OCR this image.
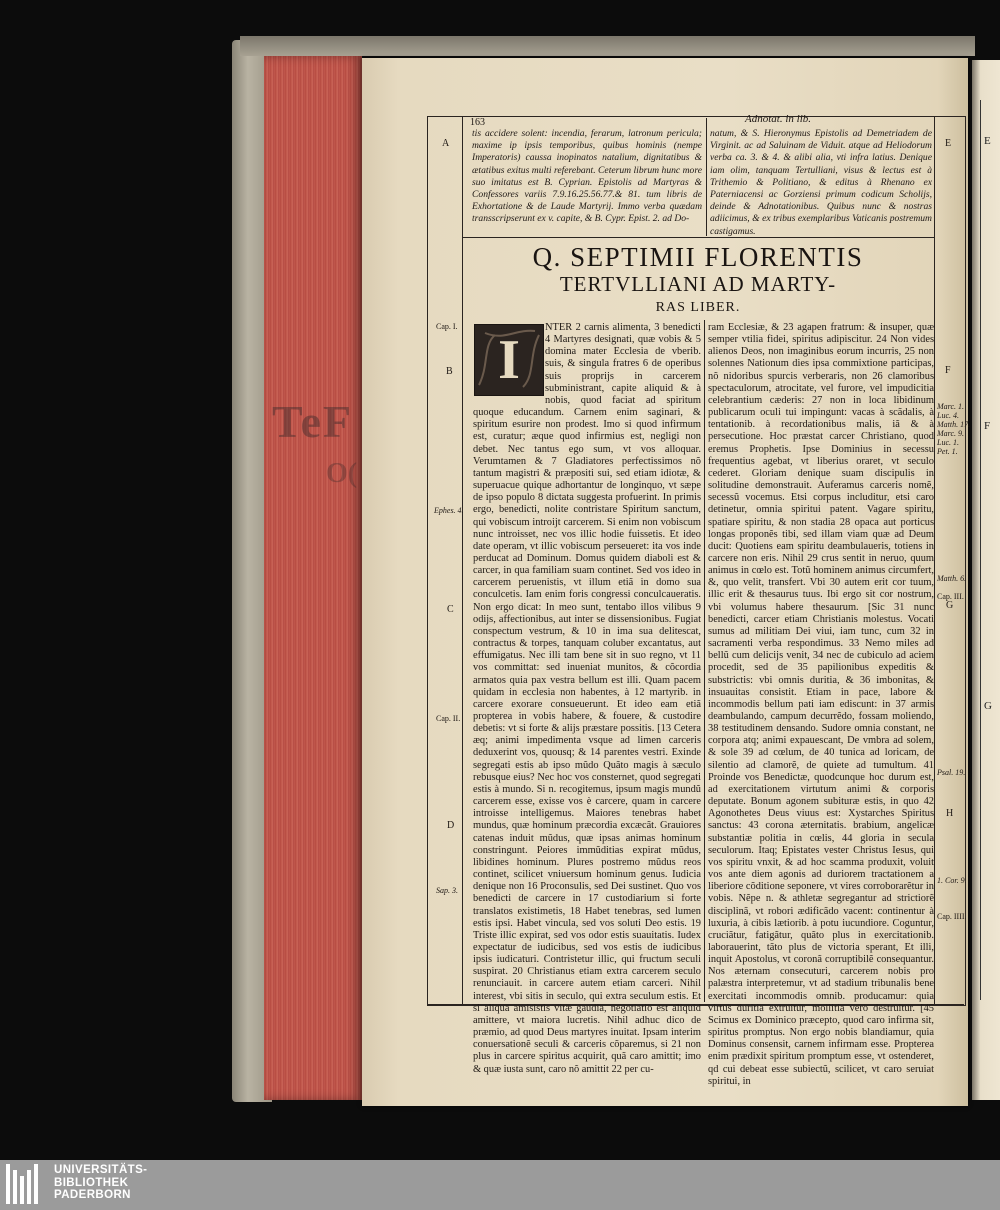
TeF
O(
E
F
G
163	Adnotat. in lib.
tis accidere solent: incendia, ferarum, latronum pericula; maxime ip ipsis temporibus, quibus hominis (nempe Imperatoris) caussa inopinatos natalium, dignitatibus & ætatibus exitus multi referebant. Ceterum librum hunc more suo imitatus est B. Cyprian. Epistolis ad Martyras & Confessores variis 7.9.16.25.56.77.& 81. tum libris de Exhortatione & de Laude Martyrij. Immo verba quædam transscripserunt ex v. capite, & B. Cypr. Epist. 2. ad Do-
natum, & S. Hieronymus Epistolis ad Demetriadem de Virginit. ac ad Saluinam de Viduit. atque ad Heliodorum verba ca. 3. & 4. & alibi alia, vti infra latius. Denique iam olim, tanquam Tertulliani, visus & lectus est à Trithemio & Politiano, & editus à Rhenano ex Paterniacensi ac Gorziensi primum codicum Scholijs, deinde & Adnotationibus. Quibus nunc & nostras adiicimus, & ex tribus exemplaribus Vaticanis postremum castigamus.
Q. SEPTIMII FLORENTIS
TERTVLLIANI AD MARTY-
RAS LIBER.

NTER 2 carnis alimenta, 3 benedicti 4 Martyres designati, quæ vobis & 5 domina mater Ecclesia de vberib. suis, & singula fratres 6 de operibus suis proprijs in carcerem subministrant, capite aliquid & à nobis, quod faciat ad spiritum quoque educandum. Carnem enim saginari, & spiritum esurire non prodest. Imo si quod infirmum est, curatur; æque quod infirmius est, negligi non debet. Nec tantus ego sum, vt vos alloquar. Verumtamen & 7 Gladiatores perfectissimos nõ tantum magistri & præpositi sui, sed etiam idiotæ, & superuacue quique adhortantur de longinquo, vt sæpe de ipso populo 8 dictata suggesta profuerint. In primis ergo, benedicti, nolite contristare Spiritum sanctum, qui vobiscum introijt carcerem. Si enim non vobiscum nunc introisset, nec vos illic hodie fuissetis. Et ideo date operam, vt illic vobiscum perseueret: ita vos inde perducat ad Dominum. Domus quidem diaboli est & carcer, in qua familiam suam continet. Sed vos ideo in carcerem peruenistis, vt illum etiã in domo sua conculcetis. Iam enim foris congressi conculcaueratis. Non ergo dicat: In meo sunt, tentabo illos vilibus 9 odijs, affectionibus, aut inter se dissensionibus. Fugiat conspectum vestrum, & 10 in ima sua delitescat, contractus & torpes, tanquam coluber excantatus, aut effumigatus. Nec illi tam bene sit in suo regno, vt 11 vos committat: sed inueniat munitos, & cõcordia armatos quia pax vestra bellum est illi. Quam pacem quidam in ecclesia non habentes, à 12 martyrib. in carcere exorare consueuerunt. Et ideo eam etiã propterea in vobis habere, & fouere, & custodire debetis: vt si forte & alijs præstare possitis. [13 Cetera æq; animi impedimenta vsque ad limen carceris deduxerint vos, quousq; & 14 parentes vestri. Exinde segregati estis ab ipso mũdo Quãto magis à sæculo rebusque eius? Nec hoc vos consternet, quod segregati estis à mundo. Si n. recogitemus, ipsum magis mundũ carcerem esse, exisse vos è carcere, quam in carcere introisse intelligemus. Maiores tenebras habet mundus, quæ hominum præcordia excæcãt. Grauiores catenas induit mũdus, quæ ipsas animas hominum constringunt. Peiores immũditias expirat mũdus, libidines hominum. Plures postremo mũdus reos continet, scilicet vniuersum hominum genus. Iudicia denique non 16 Proconsulis, sed Dei sustinet. Quo vos benedicti de carcere in 17 custodiarium si forte translatos existimetis, 18 Habet tenebras, sed lumen estis ipsi. Habet vincula, sed vos soluti Deo estis. 19 Triste illic expirat, sed vos odor estis suauitatis. Iudex expectatur de iudicibus, sed vos estis de iudicibus ipsis iudicaturi. Contristetur illic, qui fructum seculi suspirat. 20 Christianus etiam extra carcerem seculo renunciauit. in carcere autem etiam carceri. Nihil interest, vbi sitis in seculo, qui extra seculum estis. Et si aliqua amisistis vitæ gaudia, negotiatio est aliquid amittere, vt maiora lucretis. Nihil adhuc dico de præmio, ad quod Deus martyres inuitat. Ipsam interim conuersationẽ seculi & carceris cõparemus, si 21 non plus in carcere spiritus acquirit, quã caro amittit; imo & quæ iusta sunt, caro nõ amittit 22 per cu-

I

ram Ecclesiæ, & 23 agapen fratrum: & insuper, quæ semper vtilia fidei, spiritus adipiscitur. 24 Non vides alienos Deos, non imaginibus eorum incurris, 25 non solennes Nationum dies ipsa commixtione participas, nõ nidoribus spurcis verberaris, non 26 clamoribus spectaculorum, atrocitate, vel furore, vel impudicitia celebrantium cæderis: 27 non in loca libidinum publicarum oculi tui impingunt: vacas à scãdalis, à tentationib. à recordationibus malis, iã & à persecutione. Hoc præstat carcer Christiano, quod eremus Prophetis. Ipse Dominius in secessu frequentius agebat, vt liberius oraret, vt seculo cederet. Gloriam denique suam discipulis in solitudine demonstrauit. Auferamus carceris nomẽ, secessũ vocemus. Etsi corpus includitur, etsi caro detinetur, omnia spiritui patent. Vagare spiritu, spatiare spiritu, & non stadia 28 opaca aut porticus longas proponẽs tibi, sed illam viam quæ ad Deum ducit: Quotiens eam spiritu deambulaueris, totiens in carcere non eris. Nihil 29 crus sentit in neruo, quum animus in cœlo est. Totũ hominem animus circumfert, &, quo velit, transfert. Vbi 30 autem erit cor tuum, illic erit & thesaurus tuus. Ibi ergo sit cor nostrum, vbi volumus habere thesaurum. [Sic 31 nunc benedicti, carcer etiam Christianis molestus. Vocati sumus ad militiam Dei viui, iam tunc, cum 32 in sacramenti verba respondimus. 33 Nemo miles ad bellũ cum delicijs venit, 34 nec de cubiculo ad aciem procedit, sed de 35 papilionibus expeditis & substrictis: vbi omnis duritia, & 36 imbonitas, & insuauitas consistit. Etiam in pace, labore & incommodis bellum pati iam ediscunt: in 37 armis deambulando, campum decurrẽdo, fossam moliendo, 38 testitudinem densando. Sudore omnia constant, ne corpora atq; animi expauescant, De vmbra ad solem, & sole 39 ad cœlum, de 40 tunica ad loricam, de silentio ad clamorẽ, de quiete ad tumultum. 41 Proinde vos Benedictæ, quodcunque hoc durum est, ad exercitationem virtutum animi & corporis deputate. Bonum agonem subituræ estis, in quo 42 Agonothetes Deus viuus est: Xystarches Spiritus sanctus: 43 corona æternitatis. brabium, angelicæ substantiæ politia in cœlis, 44 gloria in secula seculorum. Itaq; Epistates vester Christus Iesus, qui vos spiritu vnxit, & ad hoc scamma produxit, voluit vos ante diem agonis ad duriorem tractationem a liberiore cõditione seponere, vt vires corroborarẽtur in vobis. Nẽpe n. & athletæ segregantur ad strictiorẽ disciplinã, vt robori ædificãdo vacent: continentur à luxuria, à cibis lætiorib. à potu iucundiore. Coguntur, cruciãtur, fatigãtur, quãto plus in exercitationib. laborauerint, tãto plus de victoria sperant, Et illi, inquit Apostolus, vt coronã corruptibilẽ consequantur. Nos æternam consecuturi, carcerem nobis pro palæstra interpretemur, vt ad stadium tribunalis bene exercitati incommodis omnib. producamur: quia virtus duritia extruitur, mollitia vero destruitur. [45 Scimus ex Dominico præcepto, quod caro infirma sit, spiritus promptus. Non ergo nobis blandiamur, quia Dominus consensit, carnem infirmam esse. Propterea enim prædixit spiritum promptum esse, vt ostenderet, qd cui debeat esse subiectũ, scilicet, vt caro seruiat spiritui, in

A
Cap. I.
B
Ephes. 4.
C
Cap. II.
D
Sap. 3.
E
F
Marc. 1.
Luc. 4.
Matth. 17.
Marc. 9.
Luc. 1.
Pet. 1.
Matth. 6.
Cap. III.
G
Psal. 19.
H
1. Cor. 9.
Cap. IIII.
UNIVERSITÄTS-
BIBLIOTHEK
PADERBORN
